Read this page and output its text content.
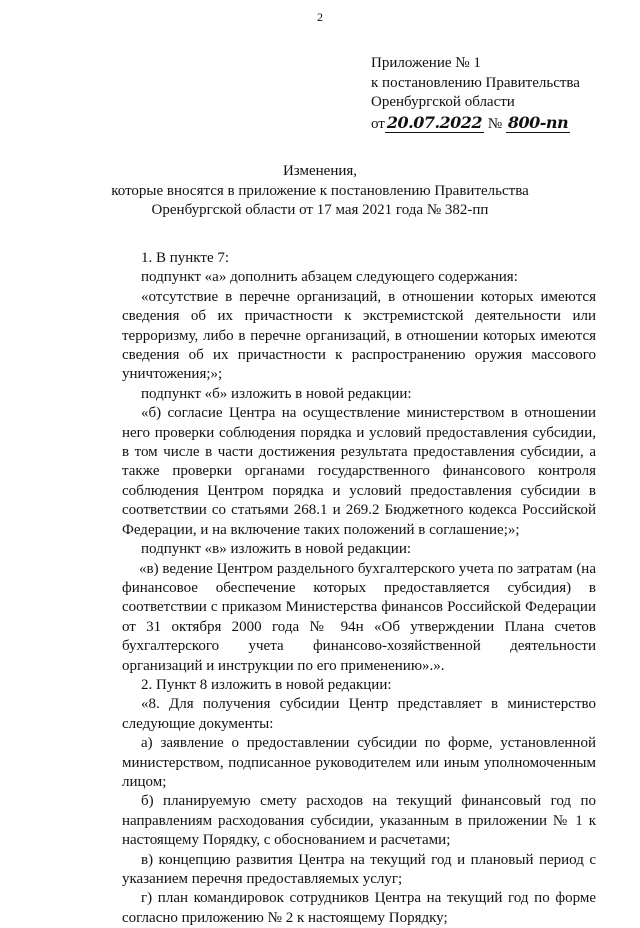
2
Приложение № 1
к постановлению Правительства
Оренбургской области
от 20.07.2022 № 800-пп
Изменения,
которые вносятся в приложение к постановлению Правительства
Оренбургской области от 17 мая 2021 года № 382-пп

1. В пункте 7:

подпункт «а» дополнить абзацем следующего содержания:

«отсутствие в перечне организаций, в отношении которых имеются сведения об их причастности к экстремистской деятельности или терроризму, либо в перечне организаций, в отношении которых имеются сведения об их причастности к распространению оружия массового уничтожения;»;

подпункт «б» изложить в новой редакции:

«б) согласие Центра на осуществление министерством в отношении него проверки соблюдения порядка и условий предоставления субсидии, в том числе в части достижения результата предоставления субсидии, а также проверки органами государственного финансового контроля соблюдения Центром порядка и условий предоставления субсидии в соответствии со статьями 268.1 и 269.2 Бюджетного кодекса Российской Федерации, и на включение таких положений в соглашение;»;

подпункт «в» изложить в новой редакции:

«в) ведение Центром раздельного бухгалтерского учета по затратам (на финансовое обеспечение которых предоставляется субсидия) в соответствии с приказом Министерства финансов Российской Федерации от 31 октября 2000 года № 94н «Об утверждении Плана счетов бухгалтерского учета финансово-хозяйственной деятельности организаций и инструкции по его применению».».

2. Пункт 8 изложить в новой редакции:

«8. Для получения субсидии Центр представляет в министерство следующие документы:

а) заявление о предоставлении субсидии по форме, установленной министерством, подписанное руководителем или иным уполномоченным лицом;

б) планируемую смету расходов на текущий финансовый год по направлениям расходования субсидии, указанным в приложении № 1 к настоящему Порядку, с обоснованием и расчетами;

в) концепцию развития Центра на текущий год и плановый период с указанием перечня предоставляемых услуг;

г) план командировок сотрудников Центра на текущий год по форме согласно приложению № 2 к настоящему Порядку;
